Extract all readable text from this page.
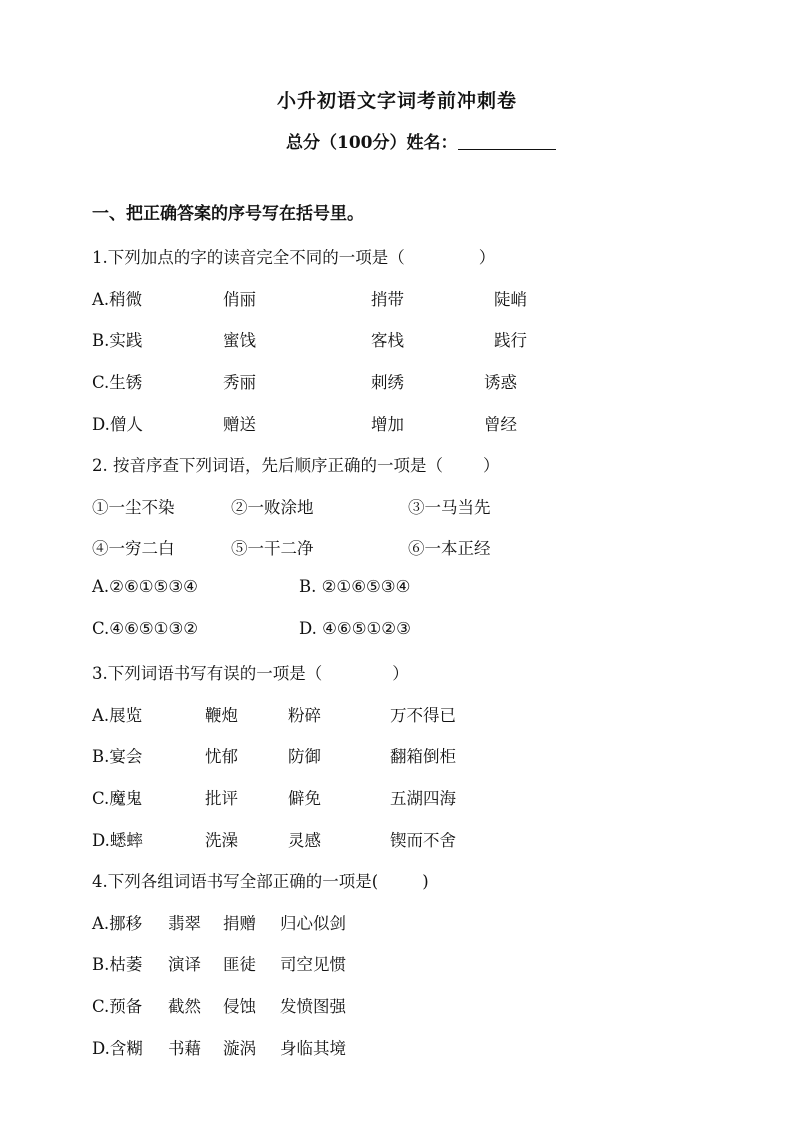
小升初语文字词考前冲刺卷
总分（100分）姓名：
一、把正确答案的序号写在括号里。
1.下列加点的字的读音完全不同的一项是（	）
A.稍微	俏丽	捎带	陡峭
B.实践	蜜饯	客栈	践行
C.生锈	秀丽	刺绣	诱惑
D.僧人	赠送	增加	曾经
2. 按音序查下列词语，先后顺序正确的一项是（ ）
①一尘不染	②一败涂地	③一马当先
④一穷二白	⑤一干二净	⑥一本正经
A.②⑥①⑤③④	B. ②①⑥⑤③④
C.④⑥⑤①③②	D. ④⑥⑤①②③
3.下列词语书写有误的一项是（	）
A.展览	鞭炮	粉碎	万不得已
B.宴会	忧郁	防御	翻箱倒柜
C.魔鬼	批评	僻免	五湖四海
D.蟋蟀	洗澡	灵感	锲而不舍
4.下列各组词语书写全部正确的一项是(	)
A.挪移 翡翠 捐赠 归心似剑
B.枯萎 演译 匪徒 司空见惯
C.预备 截然 侵蚀 发愤图强
D.含糊 书藉 漩涡 身临其境
